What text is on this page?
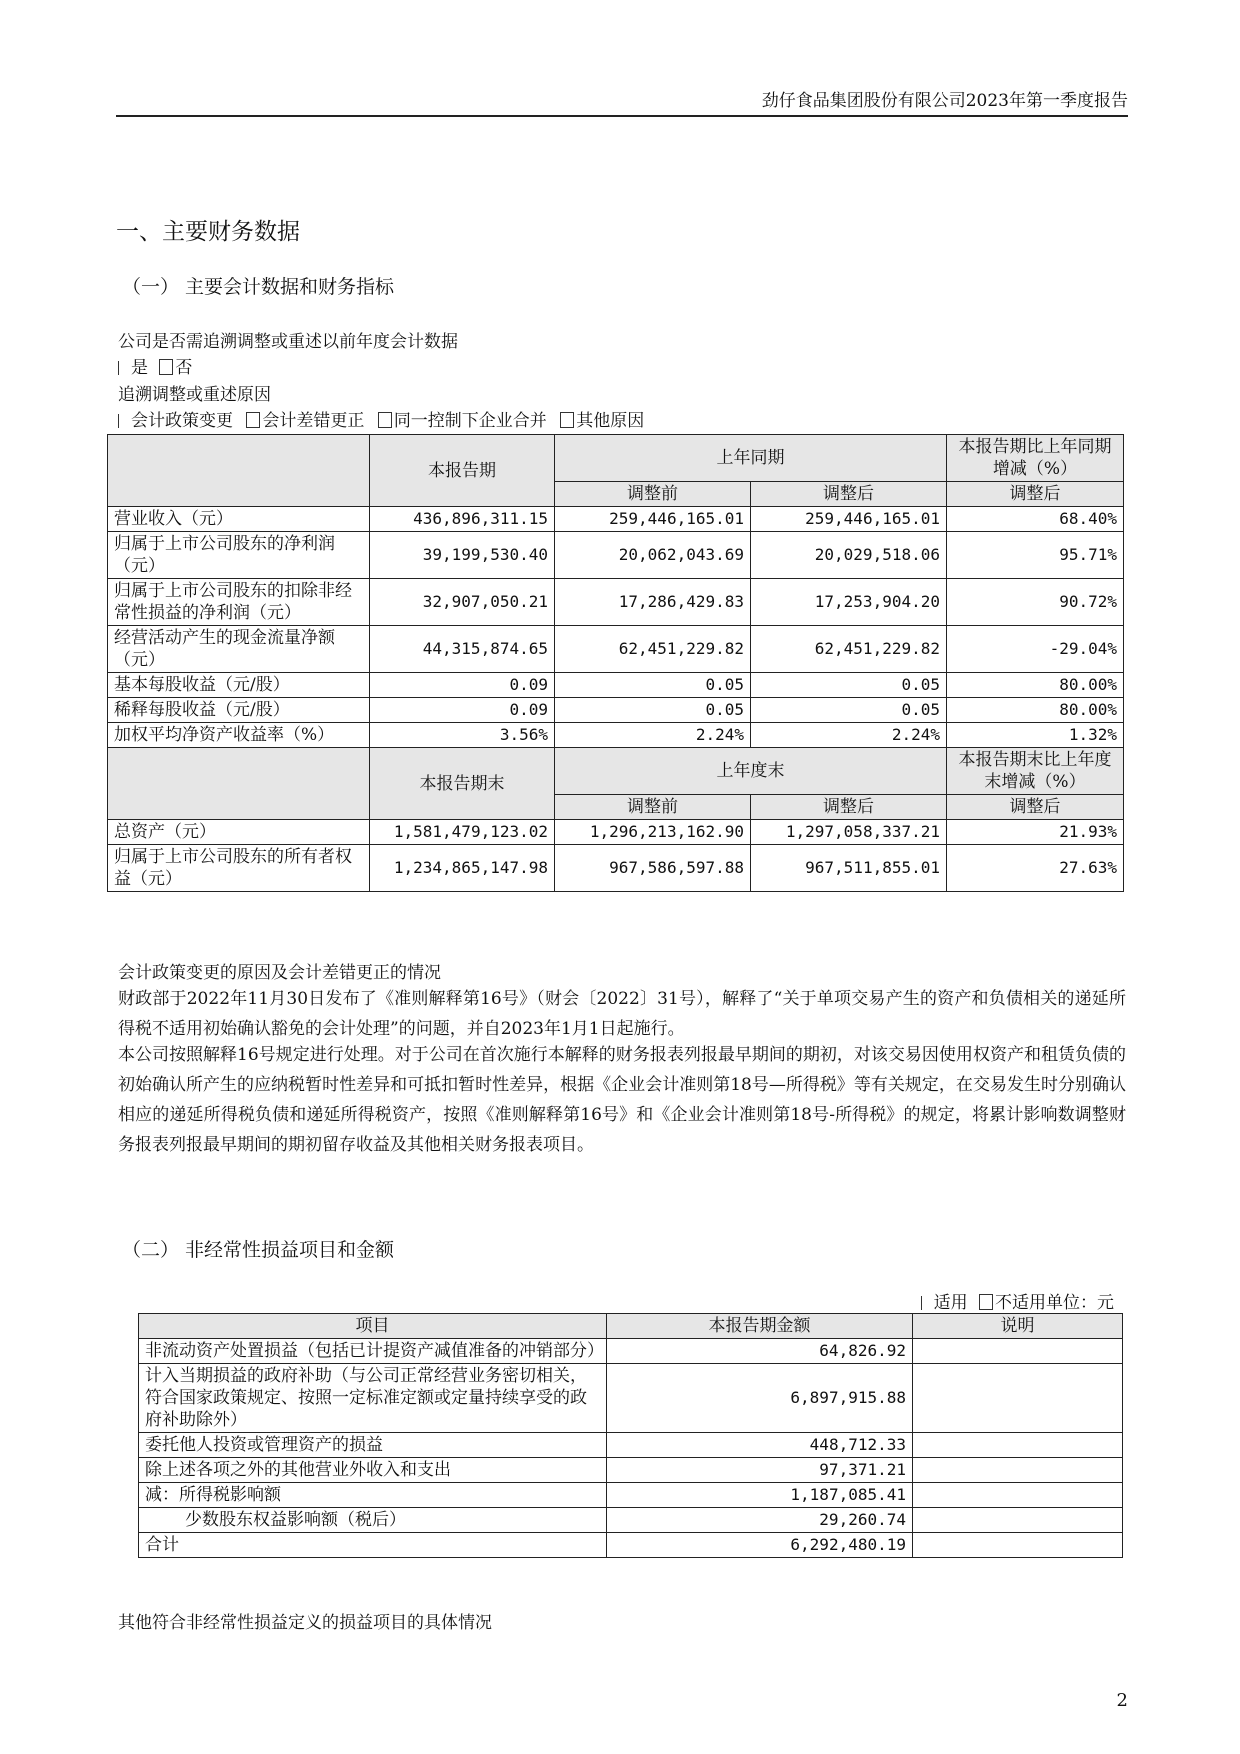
劲仔食品集团股份有限公司2023年第一季度报告
一、主要财务数据
（一） 主要会计数据和财务指标
公司是否需追溯调整或重述以前年度会计数据
是 否
追溯调整或重述原因
会计政策变更 会计差错更正 同一控制下企业合并 其他原因
	本报告期	上年同期		本报告期比上年同期增减（%）
		调整前	调整后	调整后
营业收入（元）	436,896,311.15	259,446,165.01	259,446,165.01	68.40%
归属于上市公司股东的净利润（元）	39,199,530.40	20,062,043.69	20,029,518.06	95.71%
归属于上市公司股东的扣除非经常性损益的净利润（元）	32,907,050.21	17,286,429.83	17,253,904.20	90.72%
经营活动产生的现金流量净额（元）	44,315,874.65	62,451,229.82	62,451,229.82	-29.04%
基本每股收益（元/股）	0.09	0.05	0.05	80.00%
稀释每股收益（元/股）	0.09	0.05	0.05	80.00%
加权平均净资产收益率（%）	3.56%	2.24%	2.24%	1.32%
	本报告期末	上年度末		本报告期末比上年度末增减（%）
		调整前	调整后	调整后
总资产（元）	1,581,479,123.02	1,296,213,162.90	1,297,058,337.21	21.93%
归属于上市公司股东的所有者权益（元）	1,234,865,147.98	967,586,597.88	967,511,855.01	27.63%
会计政策变更的原因及会计差错更正的情况
财政部于2022年11月30日发布了《准则解释第16号》（财会〔2022〕31号），解释了“关于单项交易产生的资产和负债相关的递延所得税不适用初始确认豁免的会计处理”的问题，并自2023年1月1日起施行。
本公司按照解释16号规定进行处理。对于公司在首次施行本解释的财务报表列报最早期间的期初，对该交易因使用权资产和租赁负债的初始确认所产生的应纳税暂时性差异和可抵扣暂时性差异，根据《企业会计准则第18号—所得税》等有关规定，在交易发生时分别确认相应的递延所得税负债和递延所得税资产，按照《准则解释第16号》和《企业会计准则第18号-所得税》的规定，将累计影响数调整财务报表列报最早期间的期初留存收益及其他相关财务报表项目。
（二） 非经常性损益项目和金额
适用 不适用单位：元
项目	本报告期金额	说明
非流动资产处置损益（包括已计提资产减值准备的冲销部分）	64,826.92	
计入当期损益的政府补助（与公司正常经营业务密切相关，符合国家政策规定、按照一定标准定额或定量持续享受的政府补助除外）	6,897,915.88	
委托他人投资或管理资产的损益	448,712.33	
除上述各项之外的其他营业外收入和支出	97,371.21	
减：所得税影响额	1,187,085.41	
少数股东权益影响额（税后）	29,260.74	
合计	6,292,480.19	
其他符合非经常性损益定义的损益项目的具体情况
2
